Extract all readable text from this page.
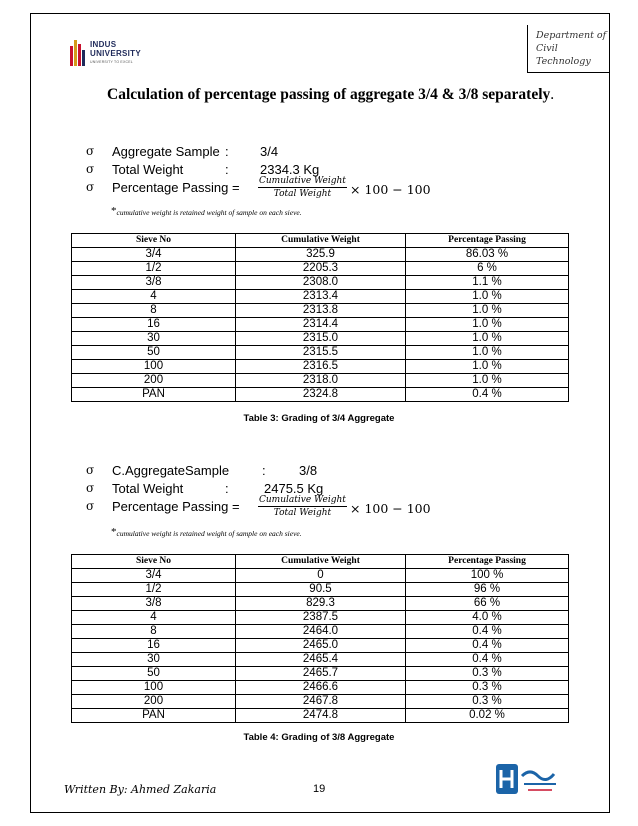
INDUS
UNIVERSITY
UNIVERSITY TO EXCEL
Department of
Civil
Technology
Calculation of percentage passing of aggregate 3/4 & 3/8 separately.
σ Aggregate Sample : 3/4
σ Total Weight	: 2334.3 Kg
σ Percentage Passing = Cumulative Weight
Total Weight	× 100 − 100
*cumulative weight is retained weight of sample on each sieve.
Sieve No	Cumulative Weight	Percentage Passing
3/4	325.9	86.03 %
1/2	2205.3	6 %
3/8	2308.0	1.1 %
4	2313.4	1.0 %
8	2313.8	1.0 %
16	2314.4	1.0 %
30	2315.0	1.0 %
50	2315.5	1.0 %
100	2316.5	1.0 %
200	2318.0	1.0 %
PAN	2324.8	0.4 %
Table 3: Grading of 3/4 Aggregate
σ C.AggregateSample	:	3/8
σ Total Weight	:	2475.5 Kg
σ Percentage Passing = Cumulative Weight
Total Weight	× 100 − 100
*cumulative weight is retained weight of sample on each sieve.
Sieve No	Cumulative Weight	Percentage Passing
3/4	0	100 %
1/2	90.5	96 %
3/8	829.3	66 %
4	2387.5	4.0 %
8	2464.0	0.4 %
16	2465.0	0.4 %
30	2465.4	0.4 %
50	2465.7	0.3 %
100	2466.6	0.3 %
200	2467.8	0.3 %
PAN	2474.8	0.02 %
Table 4: Grading of 3/8 Aggregate
Written By: Ahmed Zakaria	19
